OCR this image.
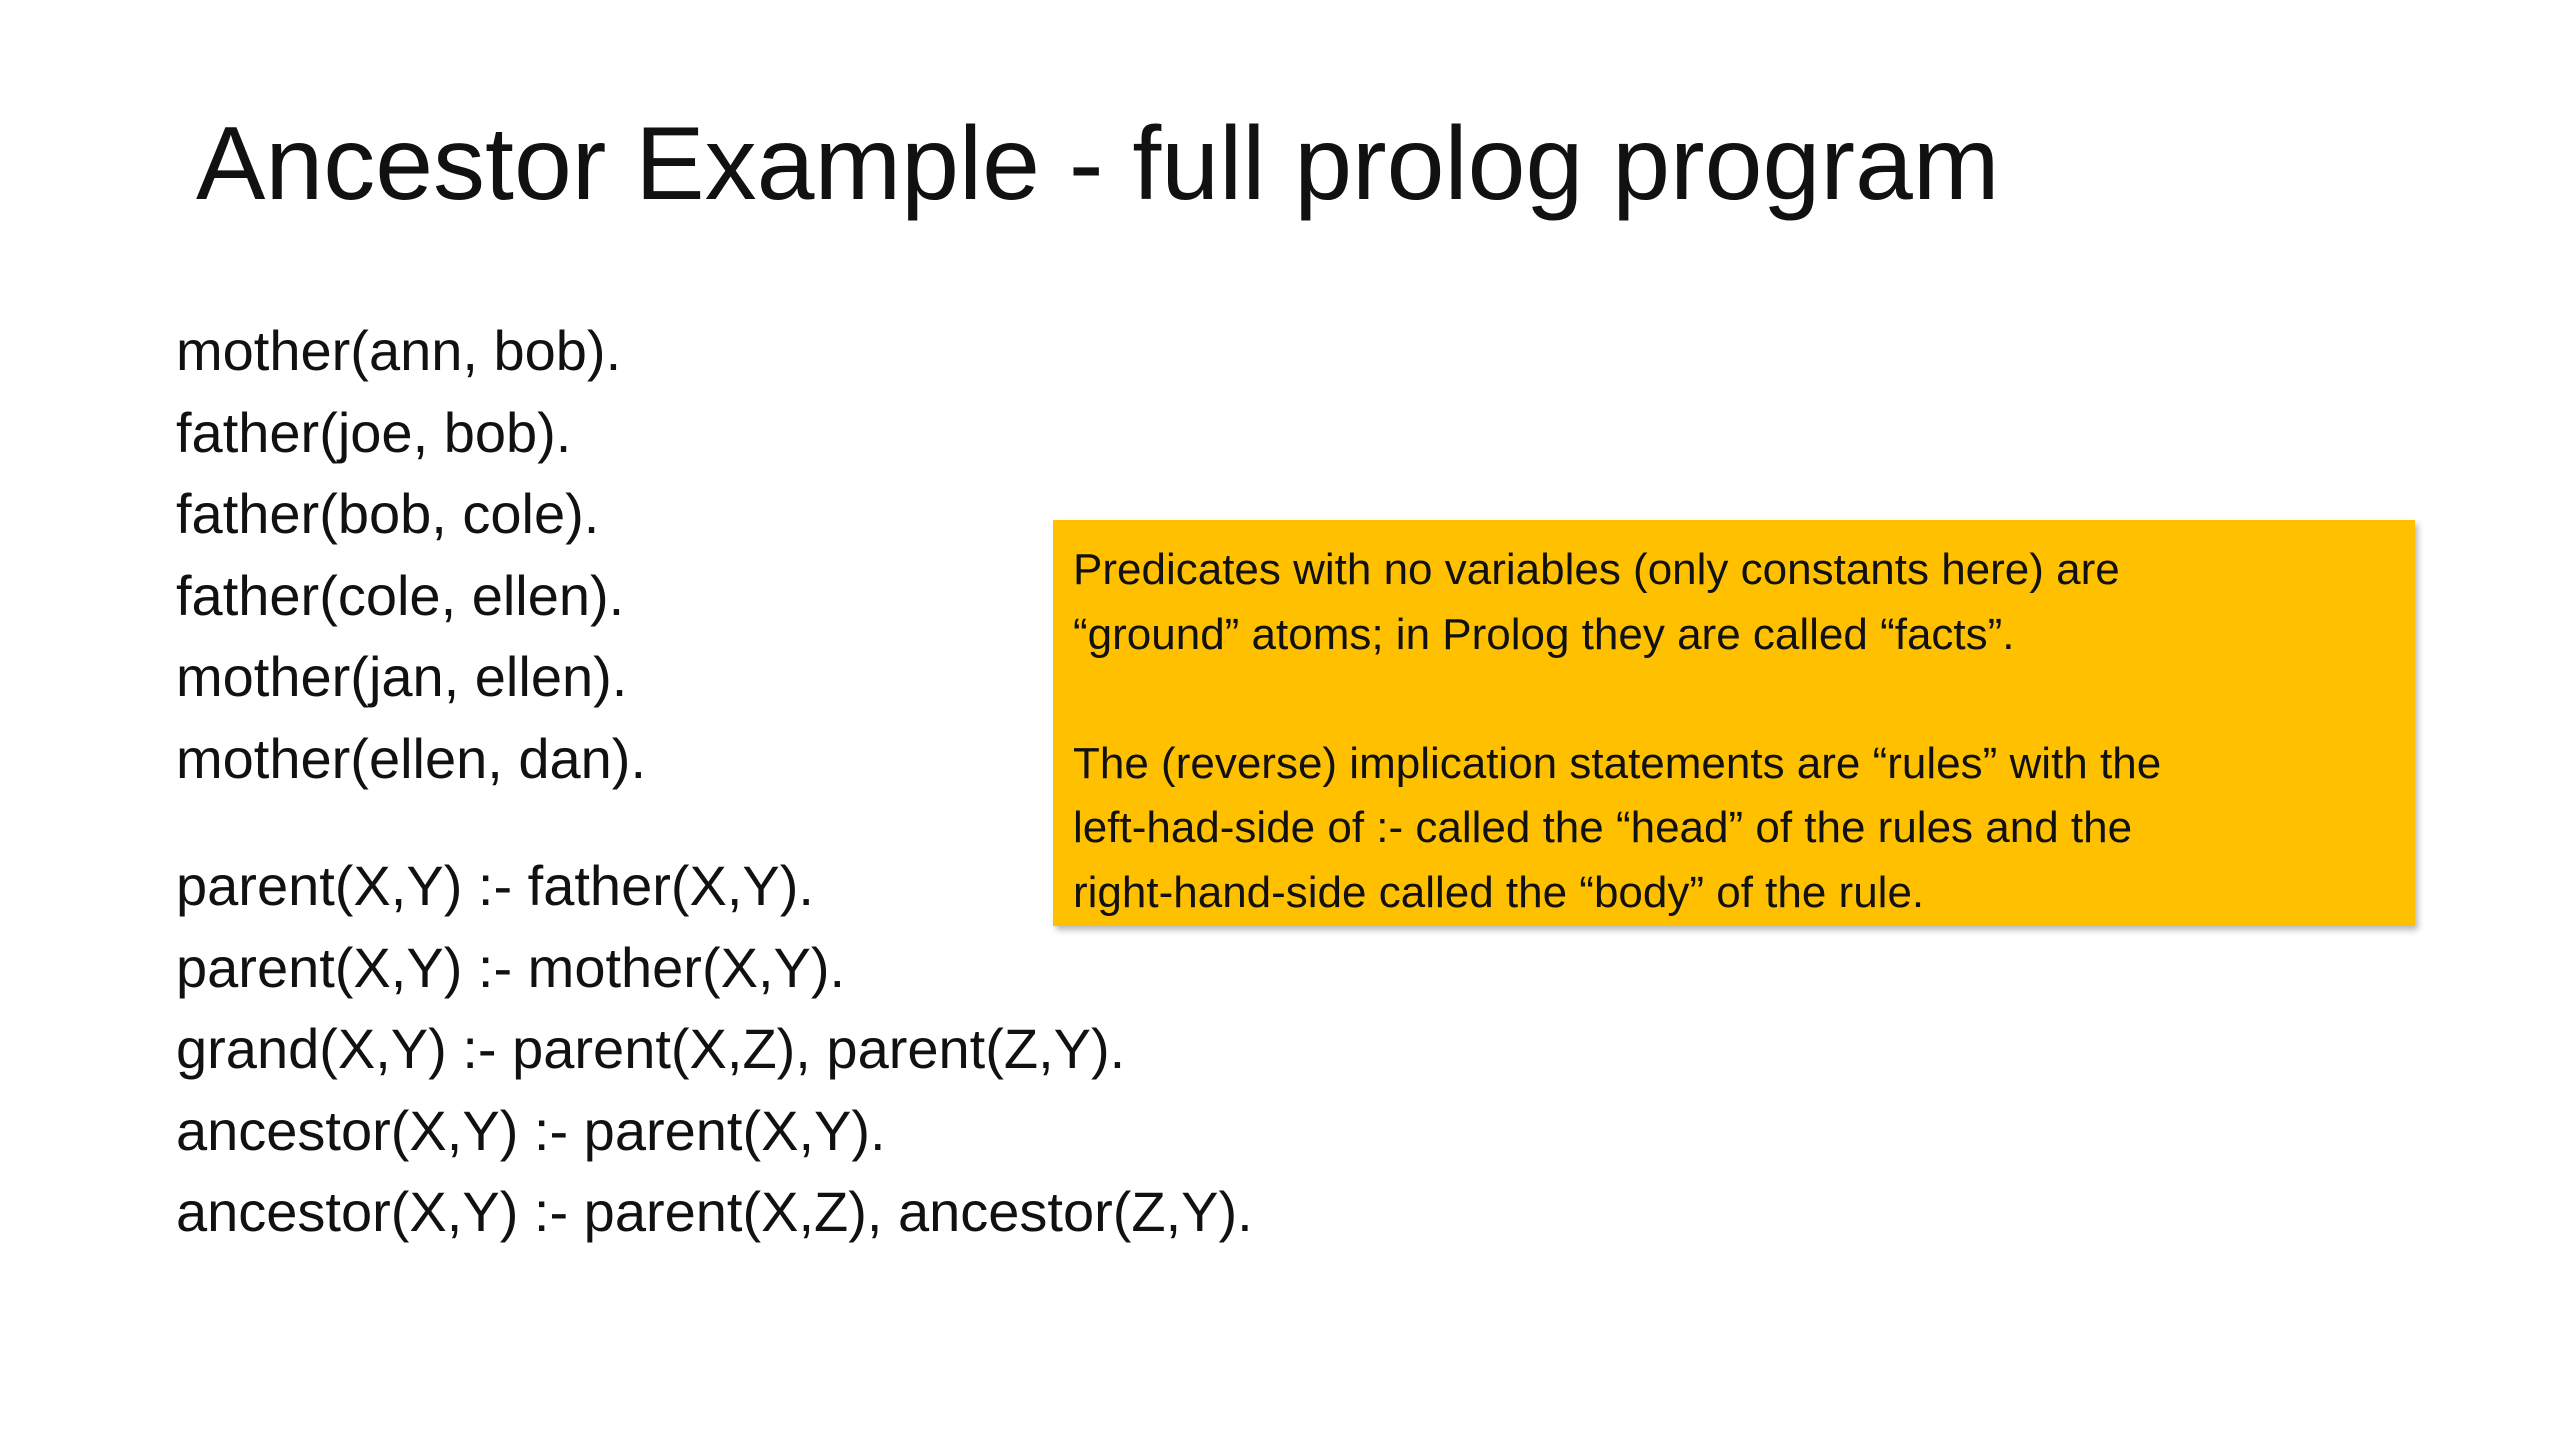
Ancestor Example - full prolog program
mother(ann, bob).
father(joe, bob).
father(bob, cole).
father(cole, ellen).
mother(jan, ellen).
mother(ellen, dan).
parent(X,Y) :- father(X,Y).
parent(X,Y) :- mother(X,Y).
grand(X,Y) :- parent(X,Z), parent(Z,Y).
ancestor(X,Y) :- parent(X,Y).
ancestor(X,Y) :- parent(X,Z), ancestor(Z,Y).

Predicates with no variables (only constants here) are
“ground” atoms; in Prolog they are called “facts”.

The (reverse) implication statements are “rules” with the
left-had-side of :- called the “head” of the rules and the
right-hand-side called the “body” of the rule.
